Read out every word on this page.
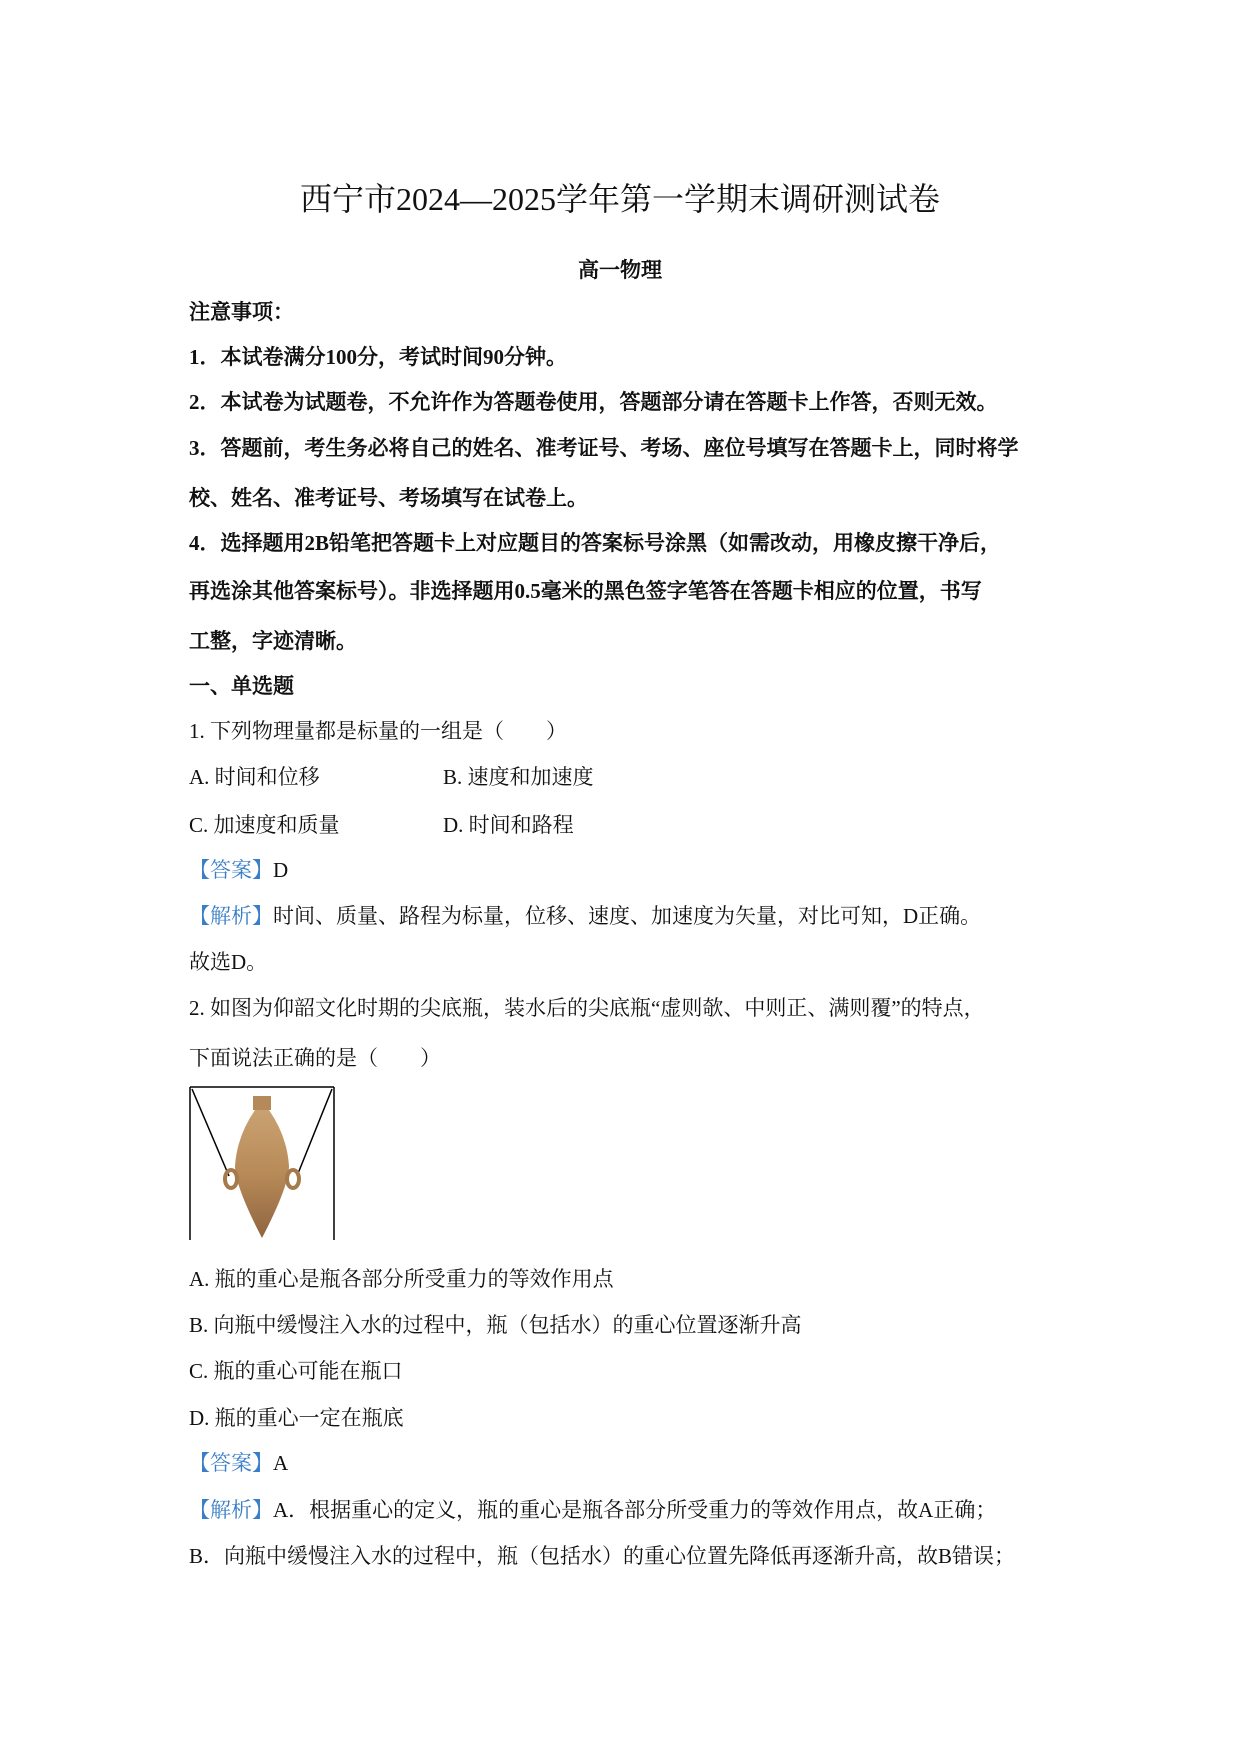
西宁市2024—2025学年第一学期末调研测试卷
高一物理
注意事项：
1．本试卷满分100分，考试时间90分钟。
2．本试卷为试题卷，不允许作为答题卷使用，答题部分请在答题卡上作答，否则无效。
3．答题前，考生务必将自己的姓名、准考证号、考场、座位号填写在答题卡上，同时将学
校、姓名、准考证号、考场填写在试卷上。
4．选择题用2B铅笔把答题卡上对应题目的答案标号涂黑（如需改动，用橡皮擦干净后，
再选涂其他答案标号）。非选择题用0.5毫米的黑色签字笔答在答题卡相应的位置，书写
工整，字迹清晰。
一、单选题
1. 下列物理量都是标量的一组是（　　）
A. 时间和位移	B. 速度和加速度
C. 加速度和质量	D. 时间和路程
【答案】D
【解析】时间、质量、路程为标量，位移、速度、加速度为矢量，对比可知，D正确。
故选D。
2. 如图为仰韶文化时期的尖底瓶，装水后的尖底瓶“虚则欹、中则正、满则覆”的特点，
下面说法正确的是（　　）
A. 瓶的重心是瓶各部分所受重力的等效作用点
B. 向瓶中缓慢注入水的过程中，瓶（包括水）的重心位置逐渐升高
C. 瓶的重心可能在瓶口
D. 瓶的重心一定在瓶底
【答案】A
【解析】A．根据重心的定义，瓶的重心是瓶各部分所受重力的等效作用点，故A正确；
B．向瓶中缓慢注入水的过程中，瓶（包括水）的重心位置先降低再逐渐升高，故B错误；
